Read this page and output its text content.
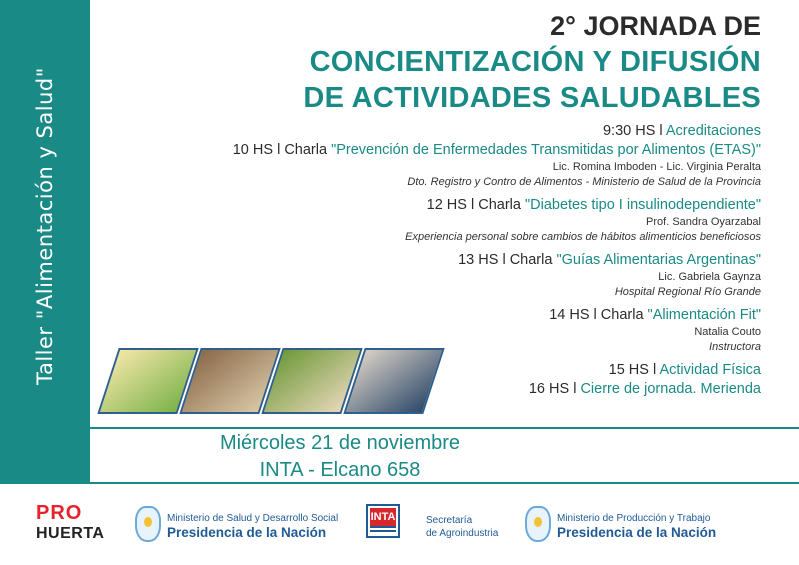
Taller "Alimentación y Salud"
2° JORNADA DE
CONCIENTIZACIÓN Y DIFUSIÓN
DE ACTIVIDADES SALUDABLES
9:30 HS l Acreditaciones
10 HS l Charla "Prevención de Enfermedades Transmitidas por Alimentos (ETAS)"
Lic. Romina Imboden - Lic. Virginia Peralta
Dto. Registro y Contro de Alimentos - Ministerio de Salud de la Provincia
12 HS l Charla "Diabetes tipo I insulinodependiente"
Prof. Sandra Oyarzabal
Experiencia personal sobre cambios de hábitos alimenticios beneficiosos
13 HS l Charla "Guías Alimentarias Argentinas"
Lic. Gabriela Gaynza
Hospital Regional Río Grande
14 HS l Charla "Alimentación Fit"
Natalia Couto
Instructora
15 HS l Actividad Física
16 HS l Cierre de jornada. Merienda
Miércoles 21 de noviembre
INTA - Elcano 658
PRO
HUERTA
Ministerio de Salud y Desarrollo Social
Presidencia de la Nación
INTA	Secretaría
de Agroindustria
Ministerio de Producción y Trabajo
Presidencia de la Nación
